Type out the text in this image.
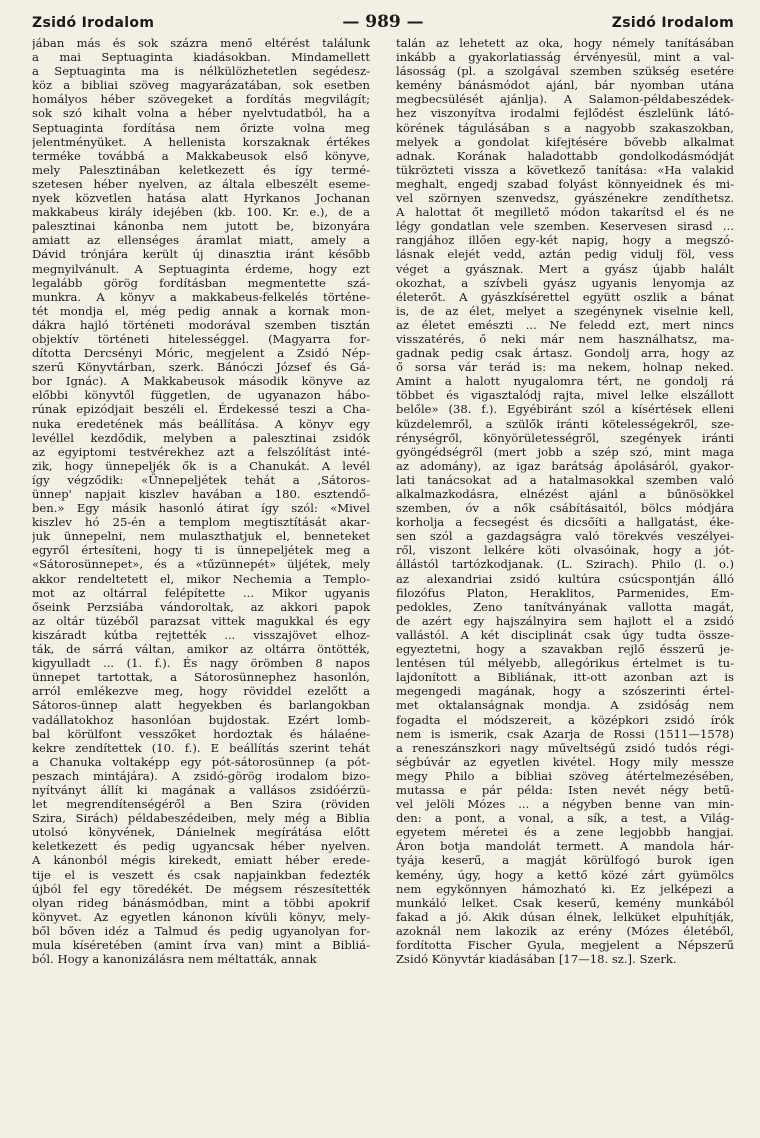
Zsidó Irodalom	— 989 —	Zsidó Irodalom
jában más és sok százra menő eltérést találunk
a mai Septuaginta kiadásokban. Mindamellett
a Septuaginta ma is nélkülözhetetlen segédesz-
köz a bibliai szöveg magyarázatában, sok esetben
homályos héber szövegeket a fordítás megvilágít;
sok szó kihalt volna a héber nyelvtudatból, ha a
Septuaginta fordítása nem őrizte volna meg
jelentményüket. A hellenista korszaknak értékes
terméke továbbá a Makkabeusok első könyve,
mely Palesztinában keletkezett és így termé-
szetesen héber nyelven, az általa elbeszélt eseme-
nyek közvetlen hatása alatt Hyrkanos Jochanan
makkabeus király idejében (kb. 100. Kr. e.), de a
palesztinai kánonba nem jutott be, bizonyára
amiatt az ellenséges áramlat miatt, amely a
Dávid trónjára került új dinasztia iránt később
megnyilvánult. A Septuaginta érdeme, hogy ezt
legalább görög fordításban megmentette szá-
munkra. A könyv a makkabeus-felkelés történe-
tét mondja el, még pedig annak a kornak mon-
dákra hajló történeti modorával szemben tisztán
objektív történeti hitelességgel. (Magyarra for-
dította Dercsényi Móric, megjelent a Zsidó Nép-
szerű Könyvtárban, szerk. Bánóczi József és Gá-
bor Ignác). A Makkabeusok második könyve az
előbbi könyvtől független, de ugyanazon hábo-
rúnak epizódjait beszéli el. Érdekessé teszi a Cha-
nuka eredetének más beállítása. A könyv egy
levéllel kezdődik, melyben a palesztinai zsidók
az egyiptomi testvérekhez azt a felszólítást inté-
zik, hogy ünnepeljék ők is a Chanukát. A levél
így végződik: «Ünnepeljétek tehát a ‚Sátoros-
ünnep' napjait kiszlev havában a 180. esztendő-
ben.» Egy másik hasonló átirat így szól: «Mivel
kiszlev hó 25-én a templom megtisztítását akar-
juk ünnepelni, nem mulaszthatjuk el, benneteket
egyről értesíteni, hogy ti is ünnepeljétek meg a
«Sátorosünnepet», és a «tűzünnepét» üljétek, mely
akkor rendeltetett el, mikor Nechemia a Templo-
mot az oltárral felépítette ... Mikor ugyanis
őseink Perzsiába vándoroltak, az akkori papok
az oltár tüzéből parazsat vittek magukkal és egy
kiszáradt kútba rejtették ... visszajövet elhoz-
ták, de sárrá váltan, amikor az oltárra öntötték,
kigyulladt ... (1. f.). És nagy örömben 8 napos
ünnepet tartottak, a Sátorosünnephez hasonlón,
arról emlékezve meg, hogy röviddel ezelőtt a
Sátoros-ünnep alatt hegyekben és barlangokban
vadállatokhoz hasonlóan bujdostak. Ezért lomb-
bal körülfont vesszőket hordoztak és hálaéne-
kekre zendítettek (10. f.). E beállítás szerint tehát
a Chanuka voltaképp egy pót-sátorosünnep (a pót-
peszach mintájára). A zsidó-görög irodalom bizo-
nyítványt állít ki magának a vallásos zsidóérzü-
let megrendítenségéről a Ben Szira (röviden
Szira, Sirách) példabeszédeiben, mely még a Biblia
utolsó könyvének, Dánielnek megírátása előtt
keletkezett és pedig ugyancsak héber nyelven.
A kánonból mégis kirekedt, emiatt héber erede-
tije el is veszett és csak napjainkban fedezték
újból fel egy töredékét. De mégsem részesítették
olyan rideg bánásmódban, mint a többi apokrif
könyvet. Az egyetlen kánonon kívüli könyv, mely-
ből bőven idéz a Talmud és pedig ugyanolyan for-
mula kíséretében (amint írva van) mint a Bibliá-
ból. Hogy a kanonizálásra nem méltatták, annak
talán az lehetett az oka, hogy némely tanításában
inkább a gyakorlatiasság érvényesül, mint a val-
lásosság (pl. a szolgával szemben szükség esetére
kemény bánásmódot ajánl, bár nyomban utána
megbecsülését ajánlja). A Salamon-példabeszédek-
hez viszonyítva irodalmi fejlődést észlelünk látó-
körének tágulásában s a nagyobb szakaszokban,
melyek a gondolat kifejtésére bővebb alkalmat
adnak. Korának haladottabb gondolkodásmódját
tükrözteti vissza a következő tanítása: «Ha valakid
meghalt, engedj szabad folyást könnyeidnek és mi-
vel szörnyen szenvedsz, gyászénekre zendíthetsz.
A halottat őt megillető módon takarítsd el és ne
légy gondatlan vele szemben. Keservesen sirasd ...
rangjához illően egy-két napig, hogy a megszó-
lásnak elejét vedd, aztán pedig vidulj föl, vess
véget a gyásznak. Mert a gyász újabb halált
okozhat, a szívbeli gyász ugyanis lenyomja az
életerőt. A gyászkísérettel együtt oszlik a bánat
is, de az élet, melyet a szegénynek viselnie kell,
az életet emészti ... Ne feledd ezt, mert nincs
visszatérés, ő neki már nem használhatsz, ma-
gadnak pedig csak ártasz. Gondolj arra, hogy az
ő sorsa vár terád is: ma nekem, holnap neked.
Amint a halott nyugalomra tért, ne gondolj rá
többet és vigasztalódj rajta, mivel lelke elszállott
belőle» (38. f.). Egyébiránt szól a kísértések elleni
küzdelemről, a szülők iránti kötelességekről, sze-
rénységről, könyörületességről, szegények iránti
gyöngédségről (mert jobb a szép szó, mint maga
az adomány), az igaz barátság ápolásáról, gyakor-
lati tanácsokat ad a hatalmasokkal szemben való
alkalmazkodásra, elnézést ajánl a bűnösökkel
szemben, óv a nők csábításaitól, bölcs módjára
korholja a fecsegést és dicsőíti a hallgatást, éke-
sen szól a gazdagságra való törekvés veszélyei-
ről, viszont lelkére köti olvasóinak, hogy a jót-
állástól tartózkodjanak. (L. Szirach). Philo (l. o.)
az alexandriai zsidó kultúra csúcspontján álló
filozófus Platon, Heraklitos, Parmenides, Em-
pedokles, Zeno tanítványának vallotta magát,
de azért egy hajszálnyira sem hajlott el a zsidó
vallástól. A két disciplinát csak úgy tudta össze-
egyeztetni, hogy a szavakban rejlő ésszerű je-
lentésen túl mélyebb, allegórikus értelmet is tu-
lajdonított a Bibliának, itt-ott azonban azt is
megengedi magának, hogy a szószerinti értel-
met oktalanságnak mondja. A zsidóság nem
fogadta el módszereit, a középkori zsidó írók
nem is ismerik, csak Azarja de Rossi (1511—1578)
a reneszánszkori nagy műveltségű zsidó tudós régi-
ségbúvár az egyetlen kivétel. Hogy mily messze
megy Philo a bibliai szöveg átértelmezésében,
mutassa e pár példa: Isten nevét négy betű-
vel jelöli Mózes ... a négyben benne van min-
den: a pont, a vonal, a sík, a test, a Világ-
egyetem méretei és a zene legjobbb hangjai.
Áron botja mandolát termett. A mandola hár-
tyája keserű, a magját körülfogó burok igen
kemény, úgy, hogy a kettő közé zárt gyümölcs
nem egykönnyen hámozható ki. Ez jelképezi a
munkáló lelket. Csak keserű, kemény munkából
fakad a jó. Akik dúsan élnek, lelküket elpuhítják,
azoknál nem lakozik az erény (Mózes életéből,
fordította Fischer Gyula, megjelent a Népszerű
Zsidó Könyvtár kiadásában [17—18. sz.]. Szerk.
